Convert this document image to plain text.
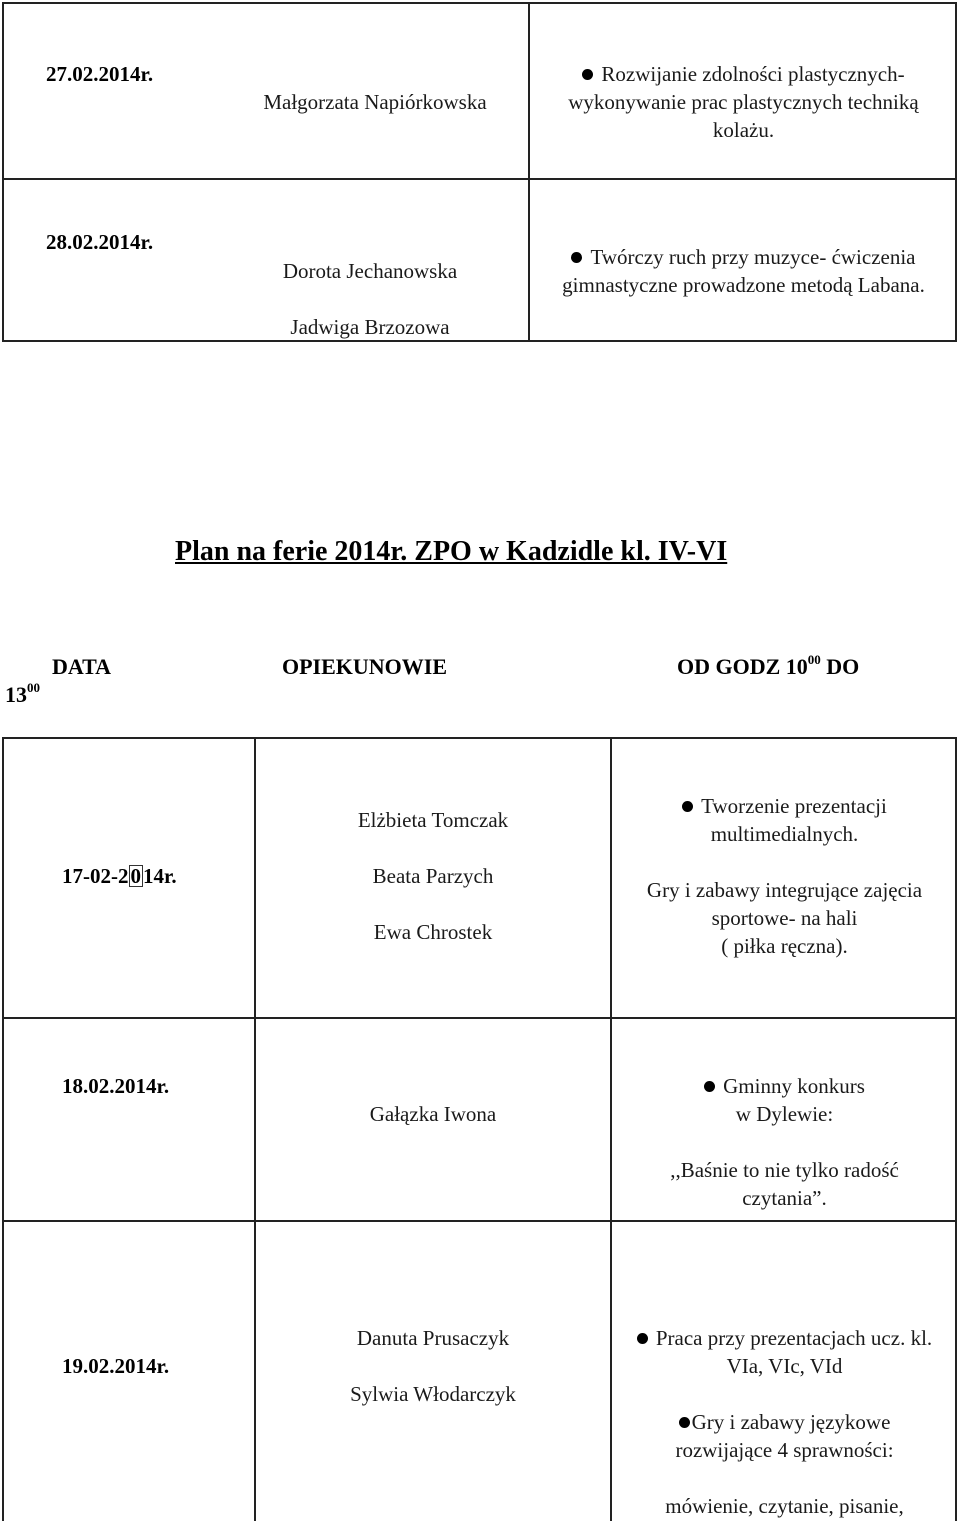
27.02.2014r.
Małgorzata Napiórkowska
Rozwijanie zdolności plastycznych-
wykonywanie prac plastycznych techniką
kolażu.
28.02.2014r.
Dorota Jechanowska
Jadwiga Brzozowa
Twórczy ruch przy muzyce- ćwiczenia
gimnastyczne prowadzone metodą Labana.
Plan na ferie 2014r. ZPO w Kadzidle kl. IV-VI
DATA	OPIEKUNOWIE	OD GODZ $10^{00}$ DO
$13^{00}$
17-02-2014r.
Elżbieta Tomczak
Beata Parzych
Ewa Chrostek
Tworzenie prezentacji
multimedialnych.
Gry i zabawy integrujące zajęcia
sportowe- na hali
( piłka ręczna).
18.02.2014r.
Gałązka Iwona
Gminny konkurs
w Dylewie:
,,Baśnie to nie tylko radość
czytania”.
19.02.2014r.
Danuta Prusaczyk
Sylwia Włodarczyk
Praca przy prezentacjach ucz. kl.
VIa, VIc, VId
Gry i zabawy językowe
rozwijające 4 sprawności:
mówienie, czytanie, pisanie,
